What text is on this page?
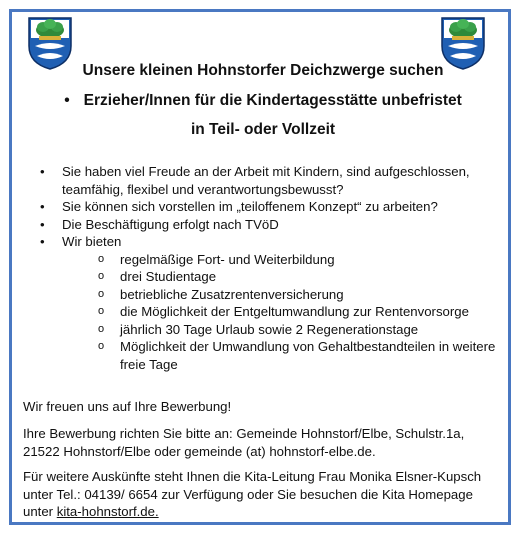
Unsere kleinen Hohnstorfer Deichzwerge suchen
• Erzieher/Innen für die Kindertagesstätte unbefristet
in Teil- oder Vollzeit
• Sie haben viel Freude an der Arbeit mit Kindern, sind aufgeschlossen, teamfähig, flexibel und verantwortungsbewusst?
• Sie können sich vorstellen im „teiloffenem Konzept“ zu arbeiten?
• Die Beschäftigung erfolgt nach TVöD
• Wir bieten
o regelmäßige Fort- und Weiterbildung
o drei Studientage
o betriebliche Zusatzrentenversicherung
o die Möglichkeit der Entgeltumwandlung zur Rentenvorsorge
o jährlich 30 Tage Urlaub sowie 2 Regenerationstage
o Möglichkeit der Umwandlung von Gehaltbestandteilen in weitere freie Tage
Wir freuen uns auf Ihre Bewerbung!
Ihre Bewerbung richten Sie bitte an: Gemeinde Hohnstorf/Elbe, Schulstr.1a, 21522 Hohnstorf/Elbe oder gemeinde (at) hohnstorf-elbe.de.
Für weitere Auskünfte steht Ihnen die Kita-Leitung Frau Monika Elsner-Kupsch unter Tel.: 04139/ 6654 zur Verfügung oder Sie besuchen die Kita Homepage unter kita-hohnstorf.de.
